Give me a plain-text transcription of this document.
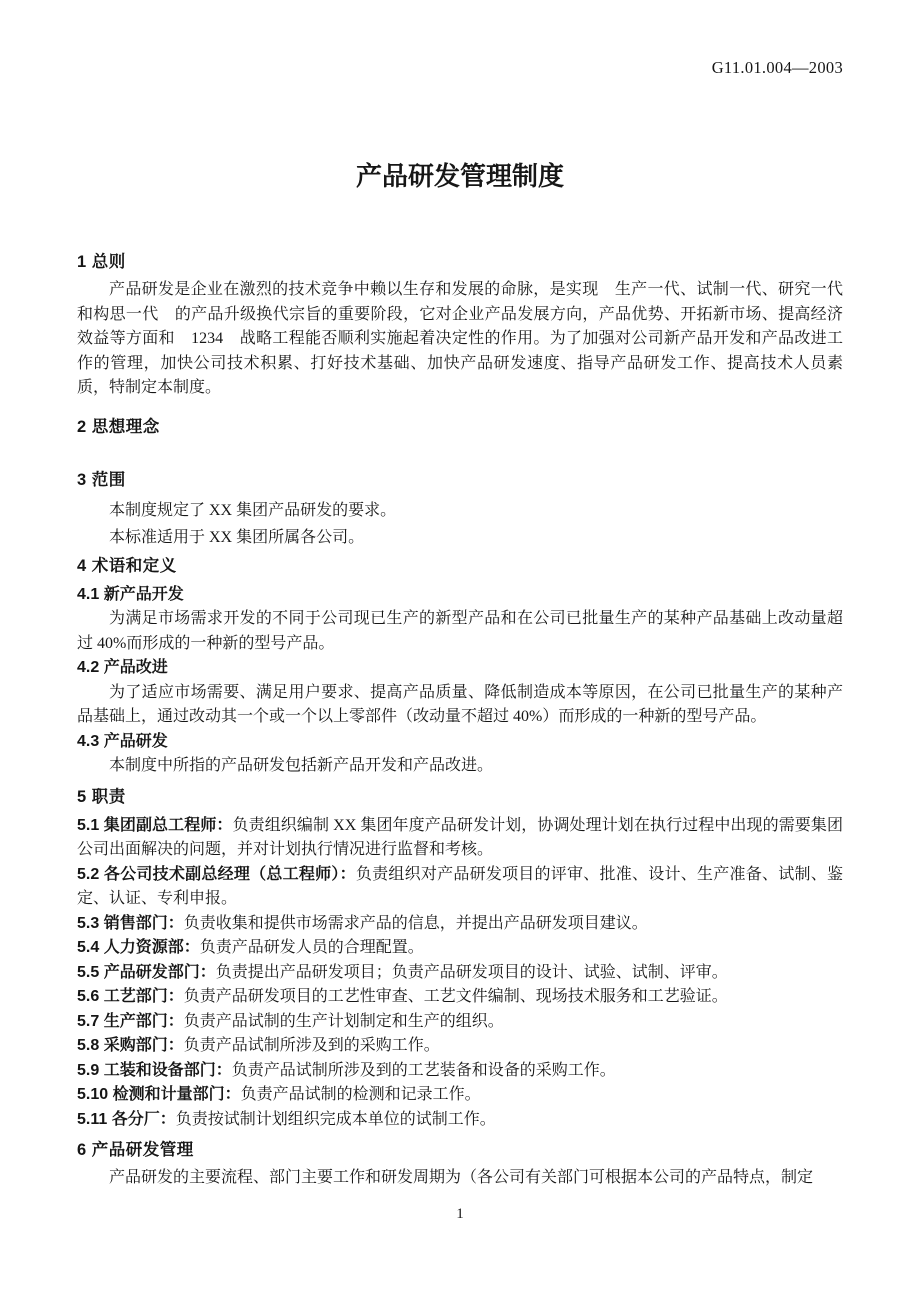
G11.01.004—2003
产品研发管理制度
1 总则

产品研发是企业在激烈的技术竞争中赖以生存和发展的命脉，是实现　生产一代、试制一代、研究一代和构思一代　的产品升级换代宗旨的重要阶段，它对企业产品发展方向，产品优势、开拓新市场、提高经济效益等方面和　1234　战略工程能否顺利实施起着决定性的作用。为了加强对公司新产品开发和产品改进工作的管理，加快公司技术积累、打好技术基础、加快产品研发速度、指导产品研发工作、提高技术人员素质，特制定本制度。

2 思想理念
3 范围

本制度规定了 XX 集团产品研发的要求。

本标准适用于 XX 集团所属各公司。

4 术语和定义

4.1 新产品开发

为满足市场需求开发的不同于公司现已生产的新型产品和在公司已批量生产的某种产品基础上改动量超过 40%而形成的一种新的型号产品。

4.2 产品改进

为了适应市场需要、满足用户要求、提高产品质量、降低制造成本等原因，在公司已批量生产的某种产品基础上，通过改动其一个或一个以上零部件（改动量不超过 40%）而形成的一种新的型号产品。

4.3 产品研发

本制度中所指的产品研发包括新产品开发和产品改进。

5 职责

5.1 集团副总工程师：负责组织编制 XX 集团年度产品研发计划，协调处理计划在执行过程中出现的需要集团公司出面解决的问题，并对计划执行情况进行监督和考核。

5.2 各公司技术副总经理（总工程师）：负责组织对产品研发项目的评审、批准、设计、生产准备、试制、鉴定、认证、专利申报。

5.3 销售部门：负责收集和提供市场需求产品的信息，并提出产品研发项目建议。

5.4 人力资源部：负责产品研发人员的合理配置。

5.5 产品研发部门：负责提出产品研发项目；负责产品研发项目的设计、试验、试制、评审。

5.6 工艺部门：负责产品研发项目的工艺性审查、工艺文件编制、现场技术服务和工艺验证。

5.7 生产部门：负责产品试制的生产计划制定和生产的组织。

5.8 采购部门：负责产品试制所涉及到的采购工作。

5.9 工装和设备部门：负责产品试制所涉及到的工艺装备和设备的采购工作。

5.10 检测和计量部门：负责产品试制的检测和记录工作。

5.11 各分厂：负责按试制计划组织完成本单位的试制工作。

6 产品研发管理

产品研发的主要流程、部门主要工作和研发周期为（各公司有关部门可根据本公司的产品特点，制定

1
